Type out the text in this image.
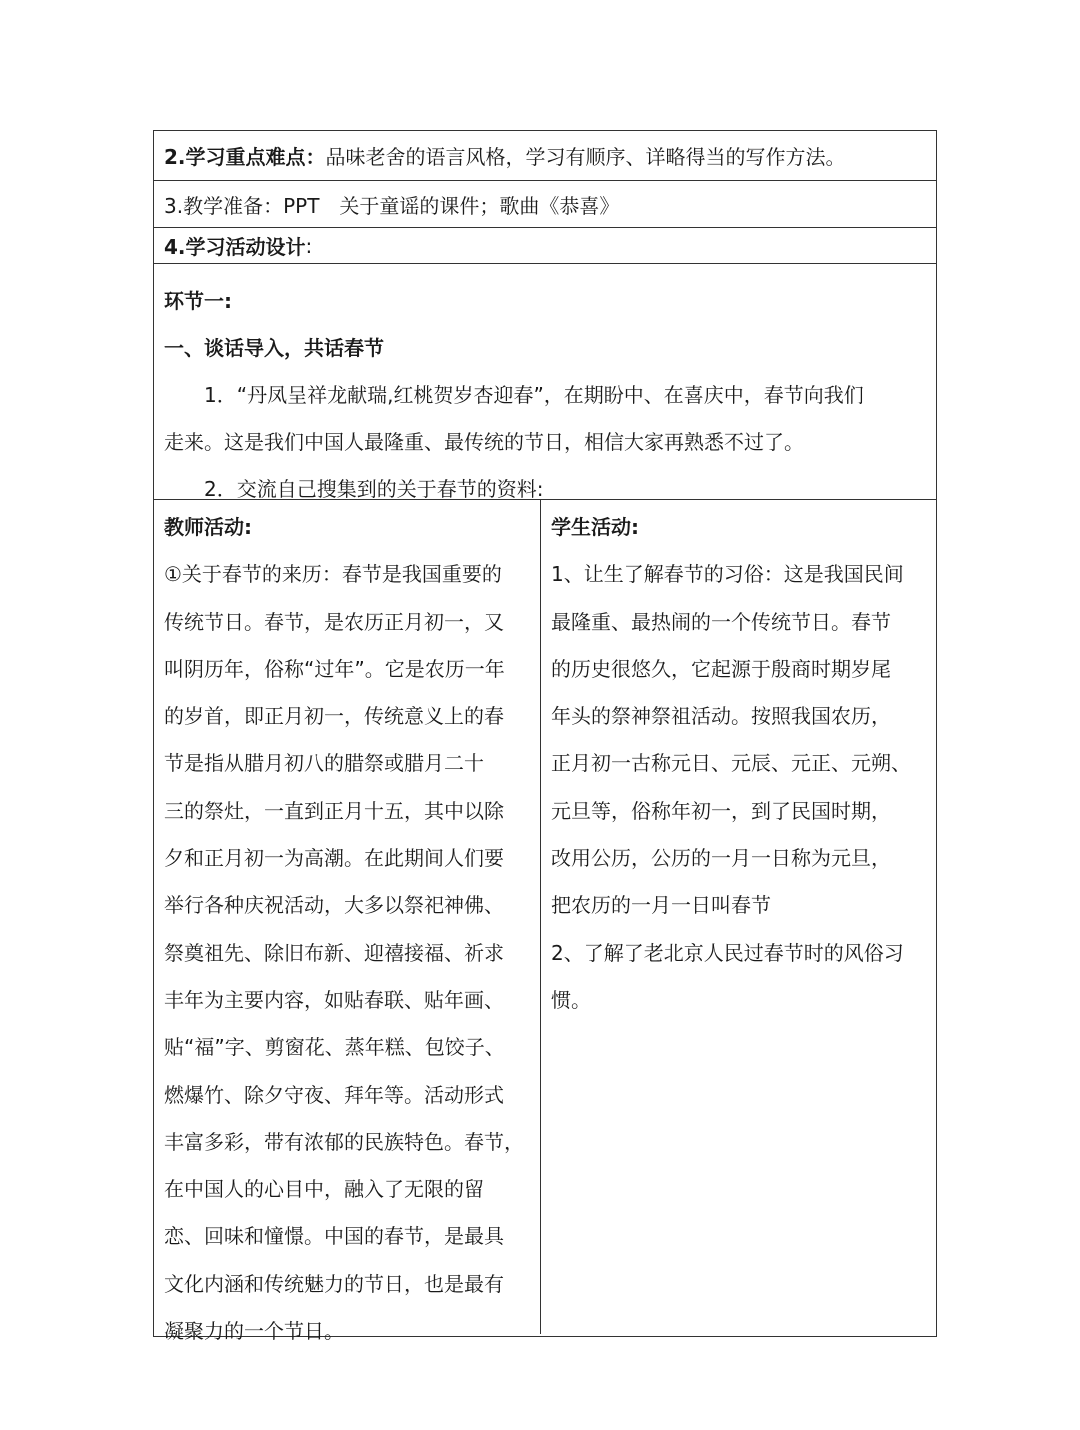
2.学习重点难点： 品味老舍的语言风格，学习有顺序、详略得当的写作方法。
3.教学准备： PPT　关于童谣的课件；歌曲《恭喜》
4.学习活动设计 :

环节一:

一、谈话导入，共话春节

1．“丹凤呈祥龙献瑞,红桃贺岁杏迎春”，在期盼中、在喜庆中，春节向我们

走来。这是我们中国人最隆重、最传统的节日，相信大家再熟悉不过了。

2．交流自己搜集到的关于春节的资料:

教师活动:

①关于春节的来历：春节是我国重要的

传统节日。春节，是农历正月初一，又

叫阴历年，俗称“过年”。它是农历一年

的岁首，即正月初一，传统意义上的春

节是指从腊月初八的腊祭或腊月二十

三的祭灶，一直到正月十五，其中以除

夕和正月初一为高潮。在此期间人们要

举行各种庆祝活动，大多以祭祀神佛、

祭奠祖先、除旧布新、迎禧接福、祈求

丰年为主要内容，如贴春联、贴年画、

贴“福”字、剪窗花、蒸年糕、包饺子、

燃爆竹、除夕守夜、拜年等。活动形式

丰富多彩，带有浓郁的民族特色。春节，

在中国人的心目中，融入了无限的留

恋、回味和憧憬。中国的春节，是最具

文化内涵和传统魅力的节日，也是最有

凝聚力的一个节日。

学生活动:

1、让生了解春节的习俗：这是我国民间

最隆重、最热闹的一个传统节日。春节

的历史很悠久，它起源于殷商时期岁尾

年头的祭神祭祖活动。按照我国农历，

正月初一古称元日、元辰、元正、元朔、

元旦等，俗称年初一，到了民国时期，

改用公历，公历的一月一日称为元旦，

把农历的一月一日叫春节

2、了解了老北京人民过春节时的风俗习

惯。
